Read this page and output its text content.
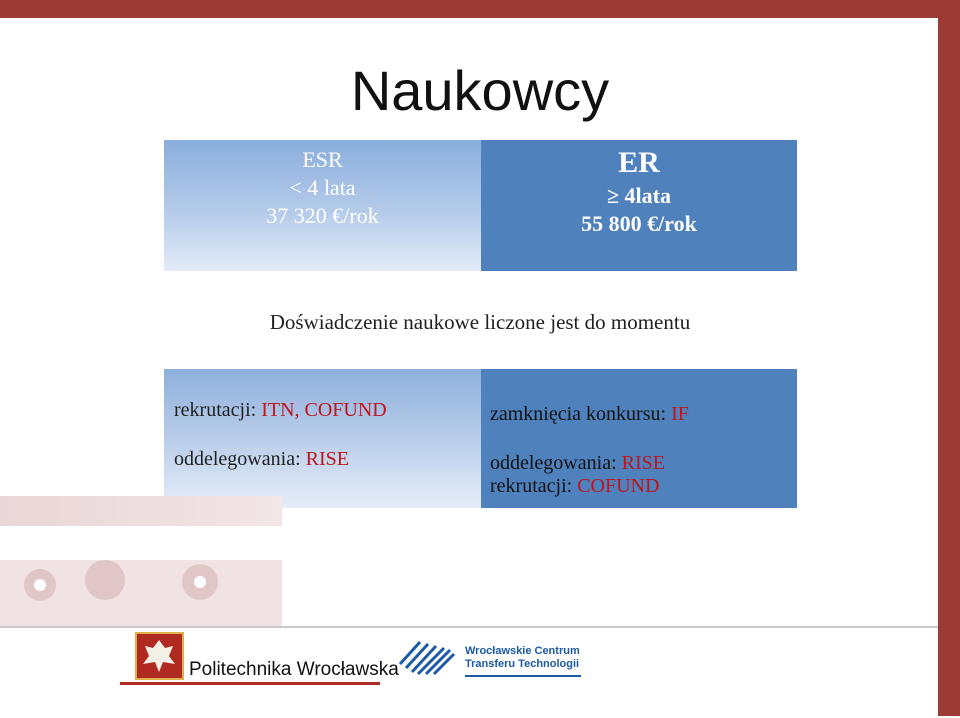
Naukowcy
ESR
< 4 lata
37 320 €/rok
ER
≥ 4lata
55 800 €/rok
Doświadczenie naukowe liczone jest do momentu
rekrutacji: ITN, COFUND
oddelegowania: RISE
zamknięcia konkursu: IF
oddelegowania: RISE
rekrutacji: COFUND
Politechnika Wrocławska
Wrocławskie Centrum
Transferu Technologii
